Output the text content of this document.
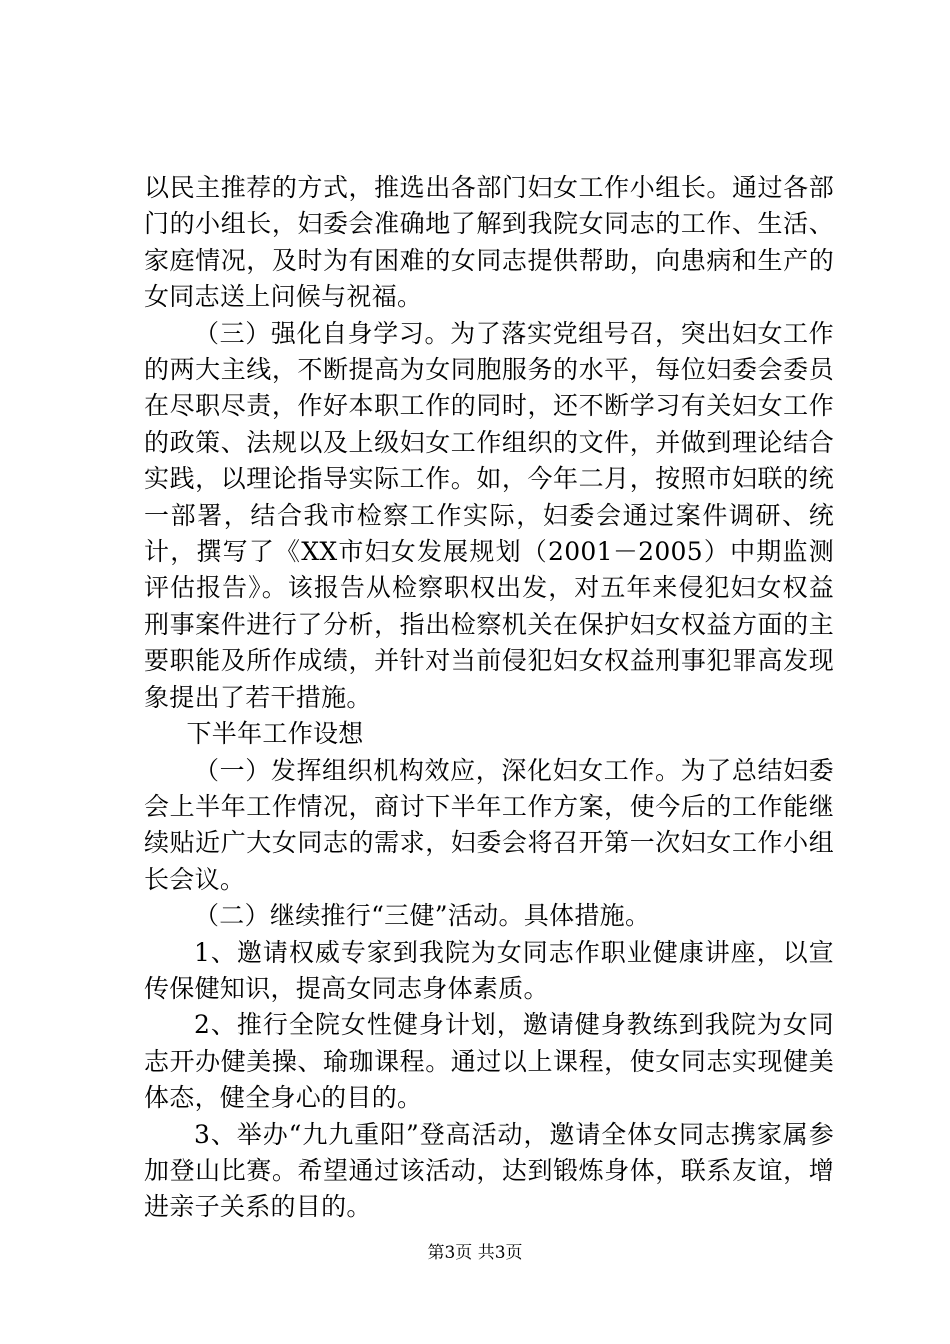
以民主推荐的方式，推选出各部门妇女工作小组长。通过各部门的小组长，妇委会准确地了解到我院女同志的工作、生活、家庭情况，及时为有困难的女同志提供帮助，向患病和生产的女同志送上问候与祝福。

（三）强化自身学习。为了落实党组号召，突出妇女工作的两大主线，不断提高为女同胞服务的水平，每位妇委会委员在尽职尽责，作好本职工作的同时，还不断学习有关妇女工作的政策、法规以及上级妇女工作组织的文件，并做到理论结合实践，以理论指导实际工作。如，今年二月，按照市妇联的统一部署，结合我市检察工作实际，妇委会通过案件调研、统计，撰写了《XX市妇女发展规划（2001－2005）中期监测评估报告》。该报告从检察职权出发，对五年来侵犯妇女权益刑事案件进行了分析，指出检察机关在保护妇女权益方面的主要职能及所作成绩，并针对当前侵犯妇女权益刑事犯罪高发现象提出了若干措施。

下半年工作设想

（一）发挥组织机构效应，深化妇女工作。为了总结妇委会上半年工作情况，商讨下半年工作方案，使今后的工作能继续贴近广大女同志的需求，妇委会将召开第一次妇女工作小组长会议。

（二）继续推行“三健”活动。具体措施。

1、邀请权威专家到我院为女同志作职业健康讲座，以宣传保健知识，提高女同志身体素质。

2、推行全院女性健身计划，邀请健身教练到我院为女同志开办健美操、瑜珈课程。通过以上课程，使女同志实现健美体态，健全身心的目的。

3、举办“九九重阳”登高活动，邀请全体女同志携家属参加登山比赛。希望通过该活动，达到锻炼身体，联系友谊，增进亲子关系的目的。

第3页 共3页
